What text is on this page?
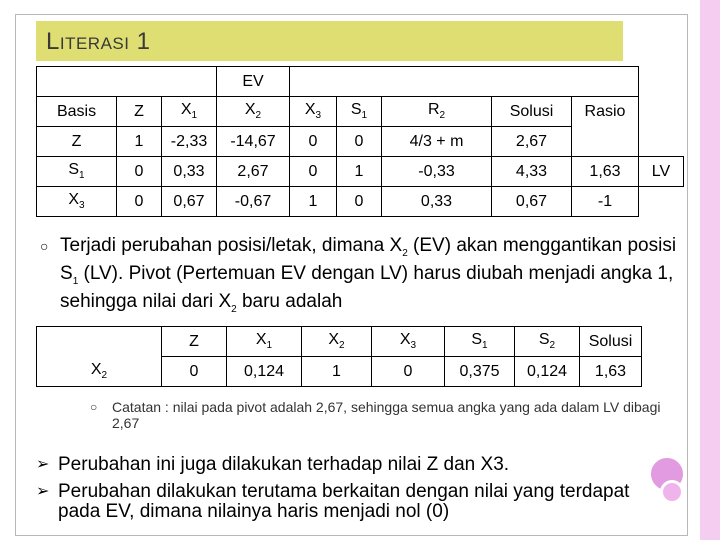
LITERASI 1
			EV						
Basis	Z	$X_1$	$X_2$	$X_3$	$S_1$	$R_2$	Solusi	Rasio	
Z	1	-2,33	-14,67	0	0	4/3 + m	2,67		
$S_1$	0	0,33	2,67	0	1	-0,33	4,33	1,63	LV
$X_3$	0	0,67	-0,67	1	0	0,33	0,67	-1	
○ Terjadi perubahan posisi/letak, dimana $X_2$ (EV) akan menggantikan posisi $S_1$ (LV). Pivot (Pertemuan EV dengan LV) harus diubah menjadi angka 1, sehingga nilai dari $X_2$ baru adalah
	Z	$X_1$	$X_2$	$X_3$	$S_1$	$S_2$	Solusi
$X_2$	0	0,124	1	0	0,375	0,124	1,63
○ Catatan : nilai pada pivot adalah 2,67, sehingga semua angka yang ada dalam LV dibagi 2,67
➢ Perubahan ini juga dilakukan terhadap nilai Z dan X3.
➢ Perubahan dilakukan terutama berkaitan dengan nilai yang terdapat pada EV, dimana nilainya haris menjadi nol (0)
